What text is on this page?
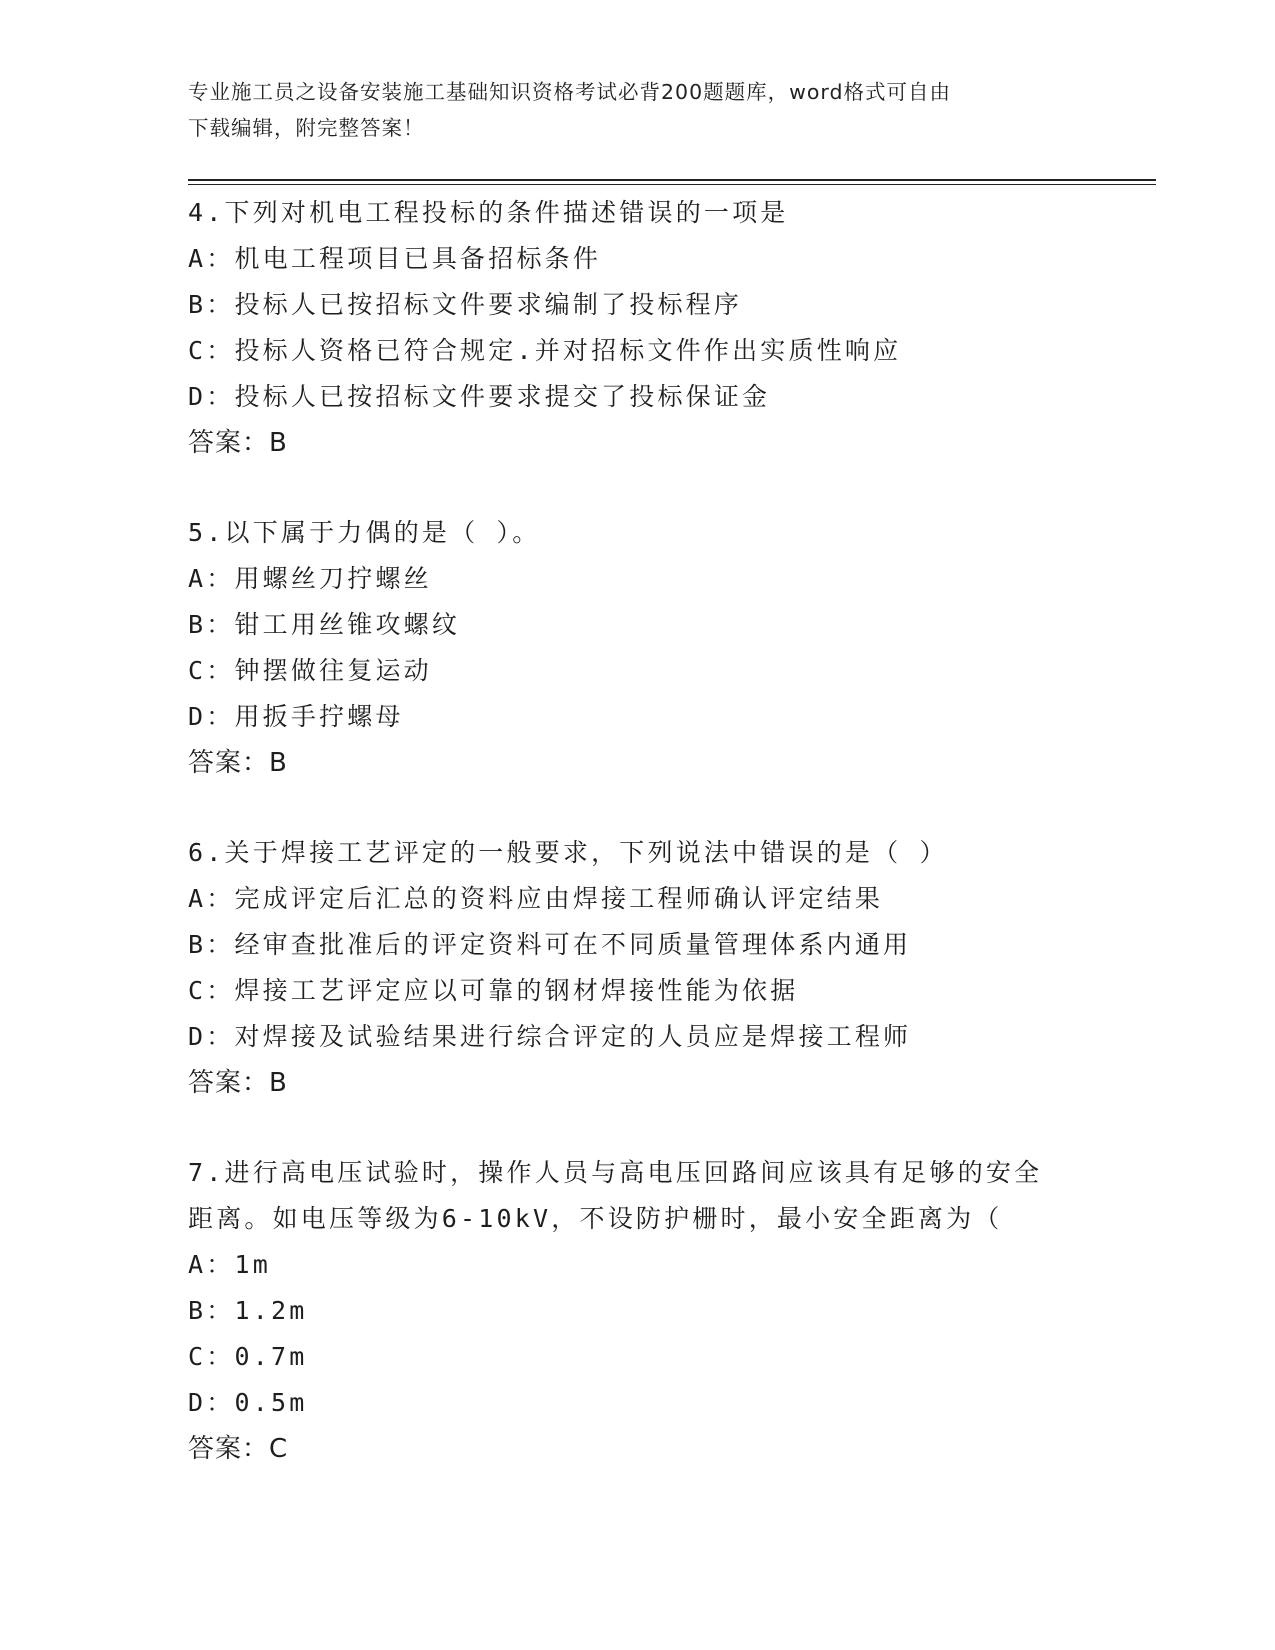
专业施工员之设备安装施工基础知识资格考试必背200题题库，word格式可自由
下载编辑，附完整答案！
4.下列对机电工程投标的条件描述错误的一项是
A：机电工程项目已具备招标条件
B：投标人已按招标文件要求编制了投标程序
C：投标人资格已符合规定.并对招标文件作出实质性响应
D：投标人已按招标文件要求提交了投标保证金
答案：B
5.以下属于力偶的是（ ）。
A：用螺丝刀拧螺丝
B：钳工用丝锥攻螺纹
C：钟摆做往复运动
D：用扳手拧螺母
答案：B
6.关于焊接工艺评定的一般要求，下列说法中错误的是（ ）
A：完成评定后汇总的资料应由焊接工程师确认评定结果
B：经审查批准后的评定资料可在不同质量管理体系内通用
C：焊接工艺评定应以可靠的钢材焊接性能为依据
D：对焊接及试验结果进行综合评定的人员应是焊接工程师
答案：B
7.进行高电压试验时，操作人员与高电压回路间应该具有足够的安全
距离。如电压等级为6-10kV，不设防护栅时，最小安全距离为（
A：1m
B：1.2m
C：0.7m
D：0.5m
答案：C
